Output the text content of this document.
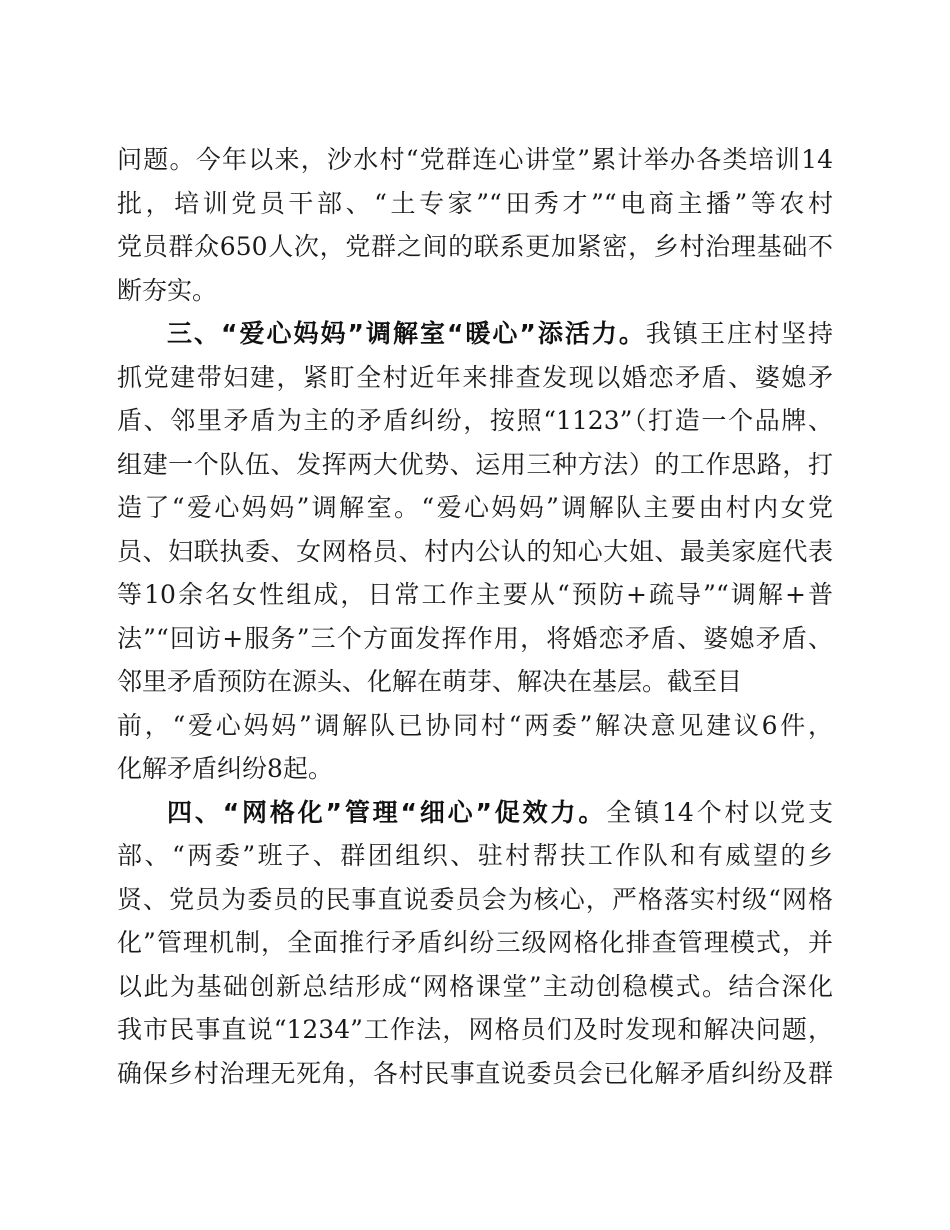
问题。今年以来，沙水村“党群连心讲堂”累计举办各类培训14
批，培训党员干部、“土专家”“田秀才”“电商主播”等农村
党员群众650人次，党群之间的联系更加紧密，乡村治理基础不
断夯实。
三、“爱心妈妈”调解室“暖心”添活力。我镇王庄村坚持
抓党建带妇建，紧盯全村近年来排查发现以婚恋矛盾、婆媳矛
盾、邻里矛盾为主的矛盾纠纷，按照“1123”（打造一个品牌、
组建一个队伍、发挥两大优势、运用三种方法）的工作思路，打
造了“爱心妈妈”调解室。“爱心妈妈”调解队主要由村内女党
员、妇联执委、女网格员、村内公认的知心大姐、最美家庭代表
等10余名女性组成，日常工作主要从“预防+疏导”“调解+普
法”“回访+服务”三个方面发挥作用，将婚恋矛盾、婆媳矛盾、
邻里矛盾预防在源头、化解在萌芽、解决在基层。截至目
前，“爱心妈妈”调解队已协同村“两委”解决意见建议6件，
化解矛盾纠纷8起。
四、“网格化”管理“细心”促效力。全镇14个村以党支
部、“两委”班子、群团组织、驻村帮扶工作队和有威望的乡
贤、党员为委员的民事直说委员会为核心，严格落实村级“网格
化”管理机制，全面推行矛盾纠纷三级网格化排查管理模式，并
以此为基础创新总结形成“网格课堂”主动创稳模式。结合深化
我市民事直说“1234”工作法，网格员们及时发现和解决问题，
确保乡村治理无死角，各村民事直说委员会已化解矛盾纠纷及群
